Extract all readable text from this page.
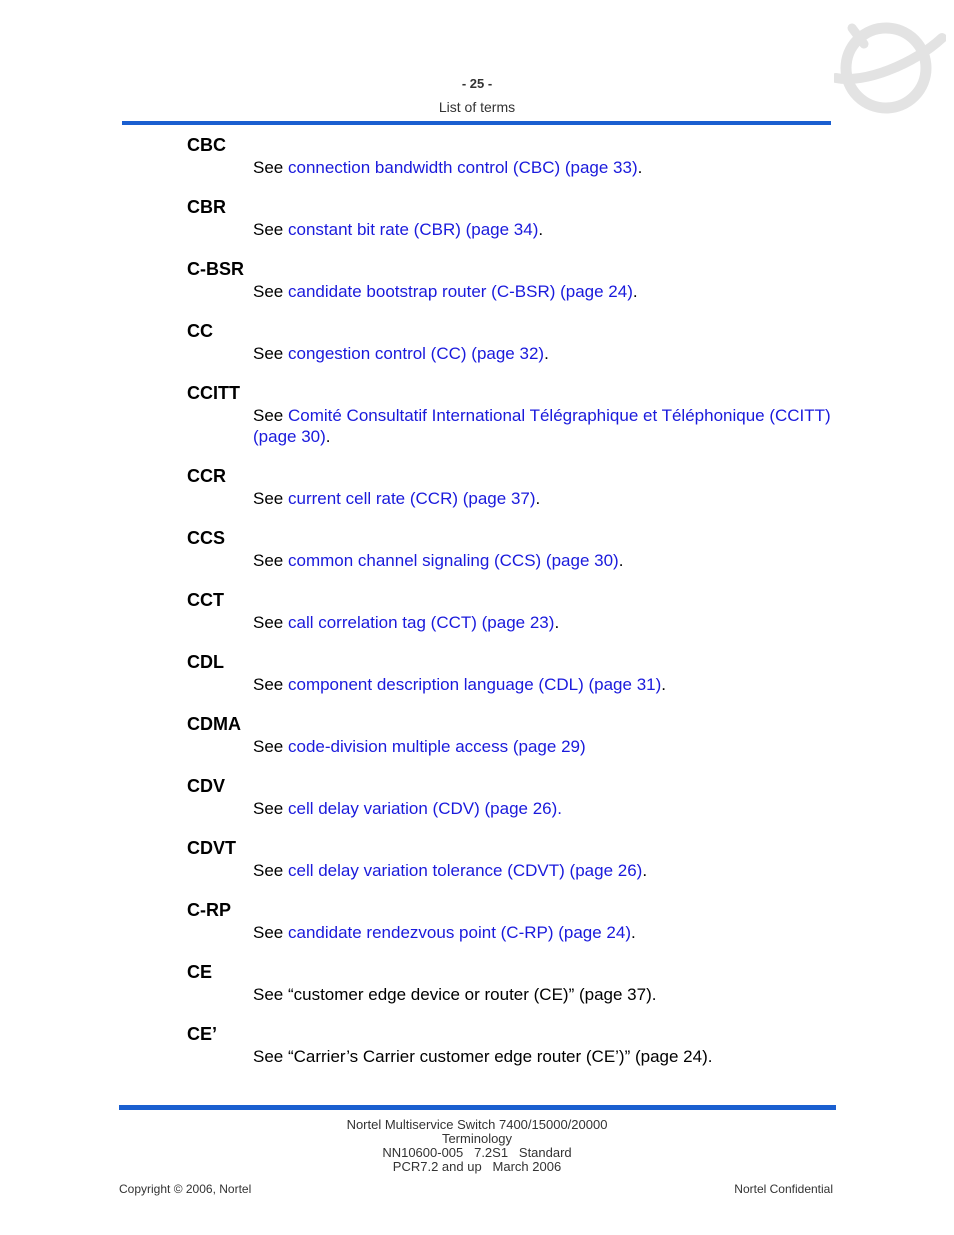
- 25 -
List of terms
CBC
See connection bandwidth control (CBC) (page 33).
CBR
See constant bit rate (CBR) (page 34).
C-BSR
See candidate bootstrap router (C-BSR) (page 24).
CC
See congestion control (CC) (page 32).
CCITT
See Comité Consultatif International Télégraphique et Téléphonique (CCITT) (page 30).
CCR
See current cell rate (CCR) (page 37).
CCS
See common channel signaling (CCS) (page 30).
CCT
See call correlation tag (CCT) (page 23).
CDL
See component description language (CDL) (page 31).
CDMA
See code-division multiple access (page 29)
CDV
See cell delay variation (CDV) (page 26).
CDVT
See cell delay variation tolerance (CDVT) (page 26).
C-RP
See candidate rendezvous point (C-RP) (page 24).
CE
See “customer edge device or router (CE)” (page 37).
CE’
See “Carrier’s Carrier customer edge router (CE’)” (page 24).
Nortel Multiservice Switch 7400/15000/20000
Terminology
NN10600-005   7.2S1   Standard
PCR7.2 and up   March 2006
Copyright © 2006, Nortel	Nortel Confidential
